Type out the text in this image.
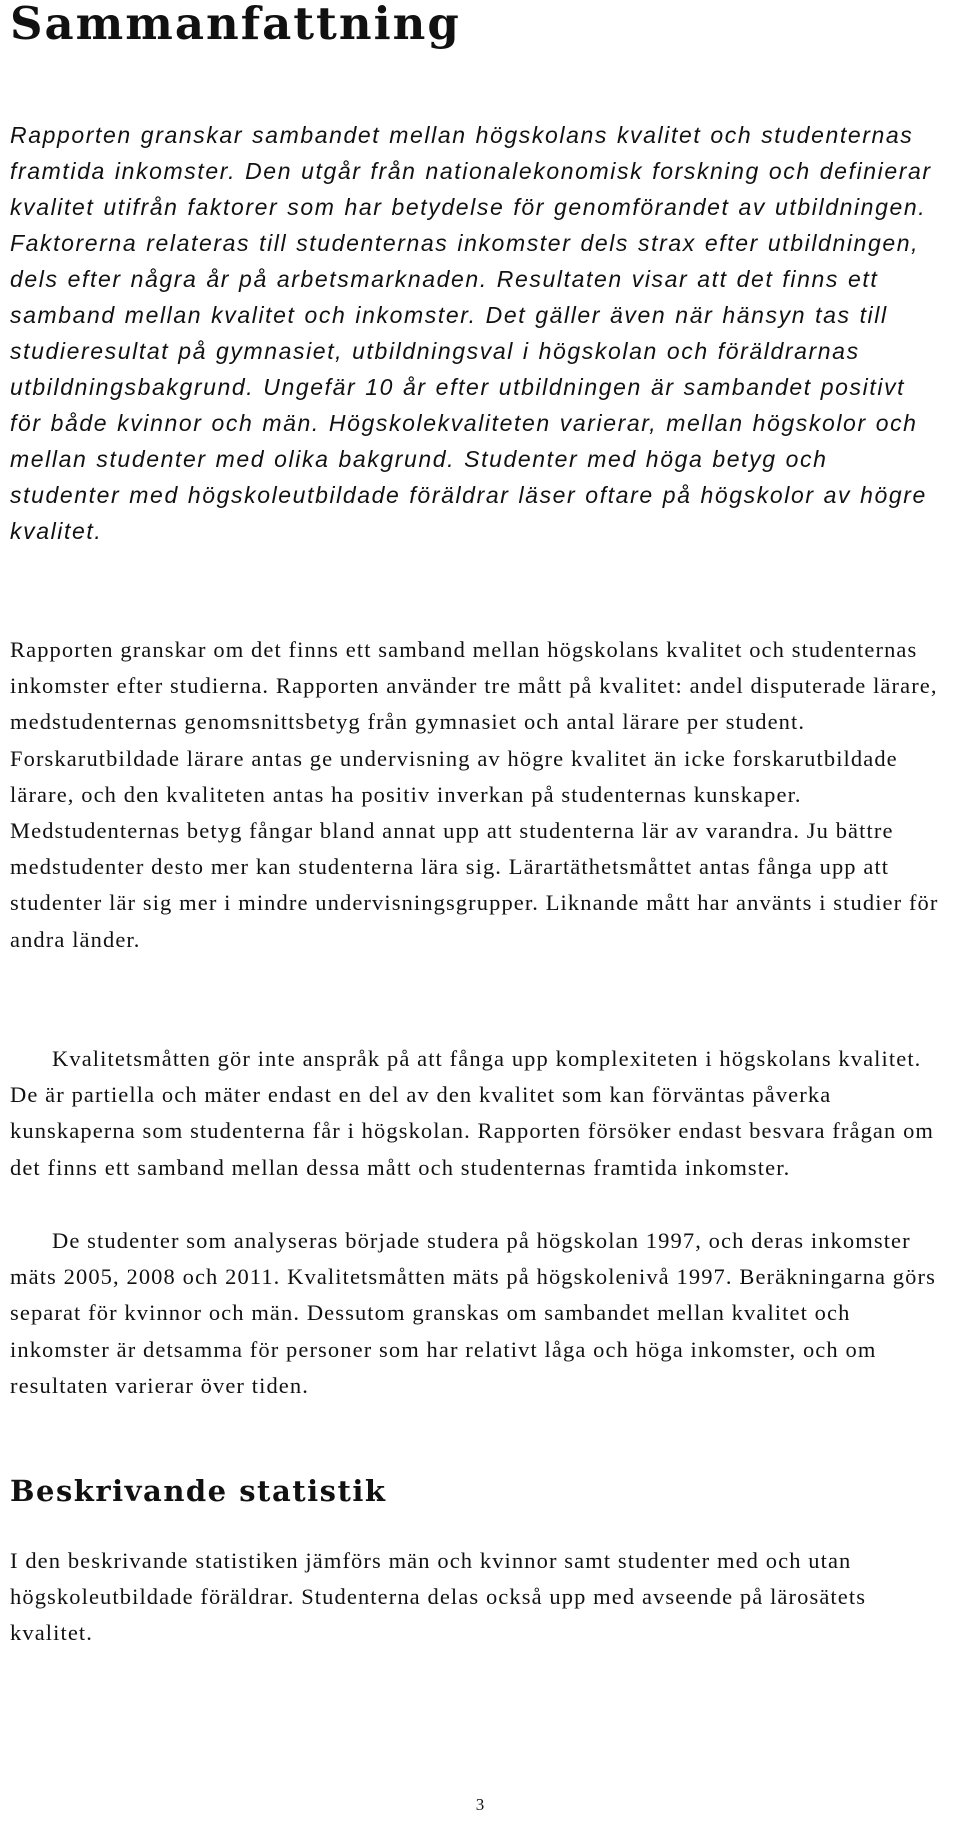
Sammanfattning

Rapporten granskar sambandet mellan högskolans kvalitet och studenternas framtida inkomster. Den utgår från nationalekonomisk forskning och definierar kvalitet utifrån faktorer som har betydelse för genomförandet av utbildningen. Faktorerna relateras till studenternas inkomster dels strax efter utbildningen, dels efter några år på arbetsmarknaden. Resultaten visar att det finns ett samband mellan kvalitet och inkomster. Det gäller även när hänsyn tas till studieresultat på gymnasiet, utbildningsval i högskolan och föräldrarnas utbildningsbakgrund. Ungefär 10 år efter utbildningen är sambandet positivt för både kvinnor och män. Högskolekvaliteten varierar, mellan högskolor och mellan studenter med olika bakgrund. Studenter med höga betyg och studenter med högskoleutbildade föräldrar läser oftare på högskolor av högre kvalitet.

Rapporten granskar om det finns ett samband mellan högskolans kvalitet och studenternas inkomster efter studierna. Rapporten använder tre mått på kvalitet: andel disputerade lärare, medstudenternas genomsnittsbetyg från gymnasiet och antal lärare per student. Forskarutbildade lärare antas ge undervisning av högre kvalitet än icke forskarutbildade lärare, och den kvaliteten antas ha positiv inverkan på studenternas kunskaper. Medstudenternas betyg fångar bland annat upp att studenterna lär av varandra. Ju bättre medstudenter desto mer kan studenterna lära sig. Lärartäthetsmåttet antas fånga upp att studenter lär sig mer i mindre undervisningsgrupper. Liknande mått har använts i studier för andra länder.

Kvalitetsmåtten gör inte anspråk på att fånga upp komplexiteten i högskolans kvalitet. De är partiella och mäter endast en del av den kvalitet som kan förväntas påverka kunskaperna som studenterna får i högskolan. Rapporten försöker endast besvara frågan om det finns ett samband mellan dessa mått och studenternas framtida inkomster.

De studenter som analyseras började studera på högskolan 1997, och deras inkomster mäts 2005, 2008 och 2011. Kvalitetsmåtten mäts på högskolenivå 1997. Beräkningarna görs separat för kvinnor och män. Dessutom granskas om sambandet mellan kvalitet och inkomster är detsamma för personer som har relativt låga och höga inkomster, och om resultaten varierar över tiden.

Beskrivande statistik

I den beskrivande statistiken jämförs män och kvinnor samt studenter med och utan högskoleutbildade föräldrar. Studenterna delas också upp med avseende på lärosätets kvalitet.

3
